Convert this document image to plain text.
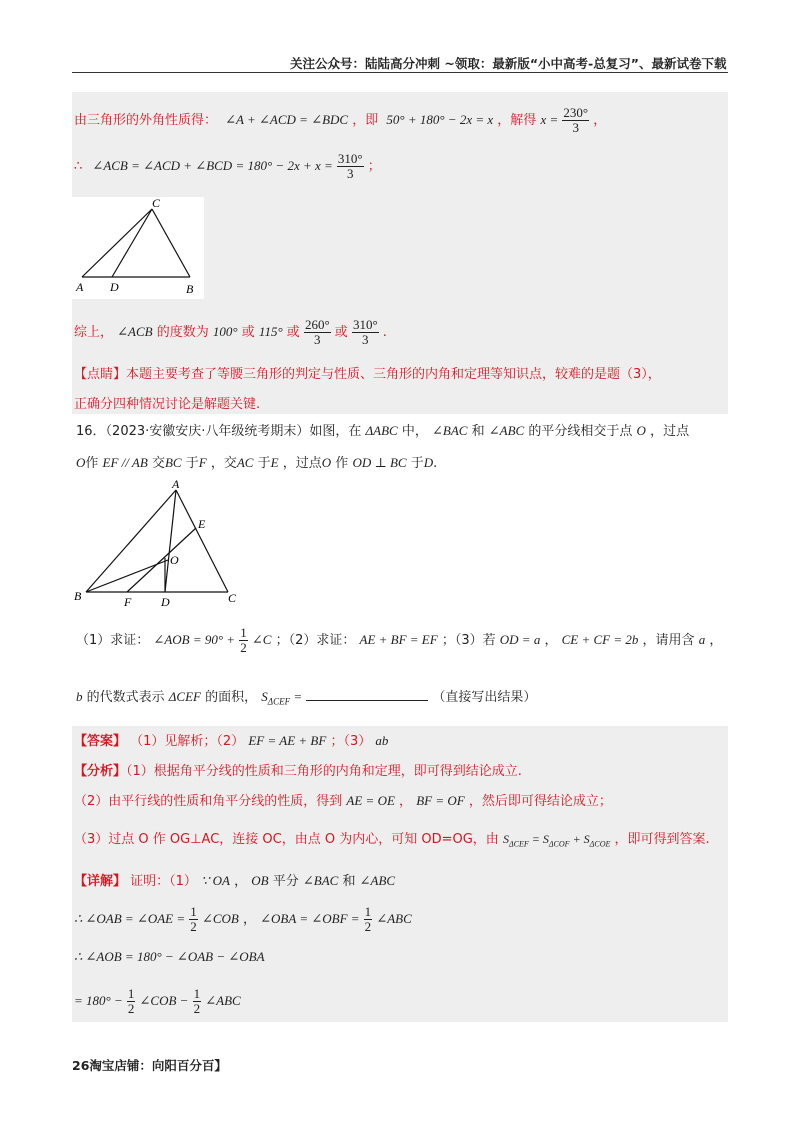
关注公众号：陆陆高分冲刺 ~领取：最新版“小中高考-总复习”、最新试卷下载
由三角形的外角性质得： ∠A + ∠ACD = ∠BDC ，即 50° + 180° − 2x = x ，解得 $x = \frac{230^\circ}{3}$ ，
∴ ∠ACB = ∠ACD + ∠BCD = $180^\circ - 2x + x = \frac{310^\circ}{3}$ ；
C
A D	B
综上， ∠ACB 的度数为 100° 或 115° 或 $\frac{260^\circ}{3}$ 或 $\frac{310^\circ}{3}$ .
【点睛】本题主要考查了等腰三角形的判定与性质、三角形的内角和定理等知识点，较难的是题（3），
正确分四种情况讨论是解题关键.
16．（2023·安徽安庆·八年级统考期末）如图，在 ΔABC 中， ∠BAC 和 ∠ABC 的平分线相交于点 O ，过点
O作 EF // AB 交BC 于F ，交AC 于E ，过点O 作 OD ⊥ BC 于D.
A
E
O
B	F D	C
（1）求证： ∠AOB = $90^\circ + \frac{1}{2}$ ∠C ；（2）求证： AE + BF = EF ；（3）若 OD = a ， CE + CF = 2b ，请用含 a ，
b 的代数式表示 ΔCEF 的面积， $S_{\Delta CEF}$ =	（直接写出结果）
【答案】 （1）见解析；（2） EF = AE + BF ；（3） ab
【分析】（1）根据角平分线的性质和三角形的内角和定理，即可得到结论成立.
（2）由平行线的性质和角平分线的性质，得到 AE = OE ， BF = OF ，然后即可得结论成立；
（3）过点 O 作 OG⊥AC，连接 OC，由点 O 为内心，可知 OD=OG，由 $S_{\Delta CEF} = S_{\Delta COF} + S_{\Delta COE}$ ，即可得到答案.
【详解】 证明：（1） ∵ OA ， OB 平分 ∠BAC 和 ∠ABC
∴ ∠OAB = ∠OAE = $\frac{1}{2}$ ∠COB ， ∠OBA = ∠OBF = $\frac{1}{2}$ ∠ABC
∴ ∠AOB = 180° − ∠OAB − ∠OBA
= $180^\circ - \frac{1}{2}$ ∠COB − $\frac{1}{2}$ ∠ABC
26淘宝店铺：向阳百分百】
